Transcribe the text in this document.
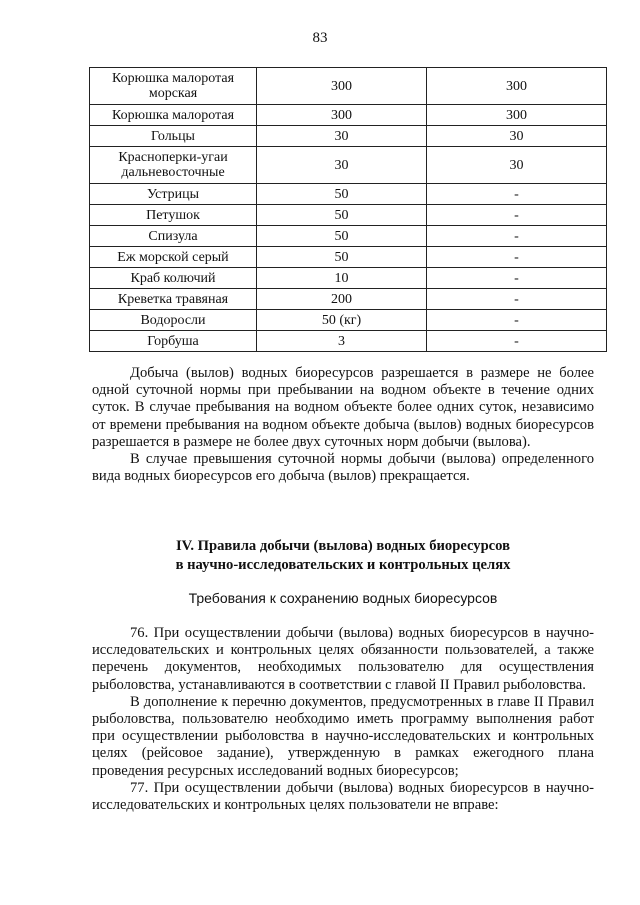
83
Корюшка малоротая морская	300	300
Корюшка малоротая	300	300
Гольцы	30	30
Красноперки-угаи дальневосточные	30	30
Устрицы	50	-
Петушок	50	-
Спизула	50	-
Еж морской серый	50	-
Краб колючий	10	-
Креветка травяная	200	-
Водоросли	50 (кг)	-
Горбуша	3	-

Добыча (вылов) водных биоресурсов разрешается в размере не более одной суточной нормы при пребывании на водном объекте в течение одних суток. В случае пребывания на водном объекте более одних суток, независимо от времени пребывания на водном объекте добыча (вылов) водных биоресурсов разрешается в размере не более двух суточных норм добычи (вылова).

В случае превышения суточной нормы добычи (вылова) определенного вида водных биоресурсов его добыча (вылов) прекращается.

IV. Правила добычи (вылова) водных биоресурсов
в научно-исследовательских и контрольных целях
Требования к сохранению водных биоресурсов

76. При осуществлении добычи (вылова) водных биоресурсов в научно-исследовательских и контрольных целях обязанности пользователей, а также перечень документов, необходимых пользователю для осуществления рыболовства, устанавливаются в соответствии с главой II Правил рыболовства.

В дополнение к перечню документов, предусмотренных в главе II Правил рыболовства, пользователю необходимо иметь программу выполнения работ при осуществлении рыболовства в научно-исследовательских и контрольных целях (рейсовое задание), утвержденную в рамках ежегодного плана проведения ресурсных исследований водных биоресурсов;

77. При осуществлении добычи (вылова) водных биоресурсов в научно-исследовательских и контрольных целях пользователи не вправе:
